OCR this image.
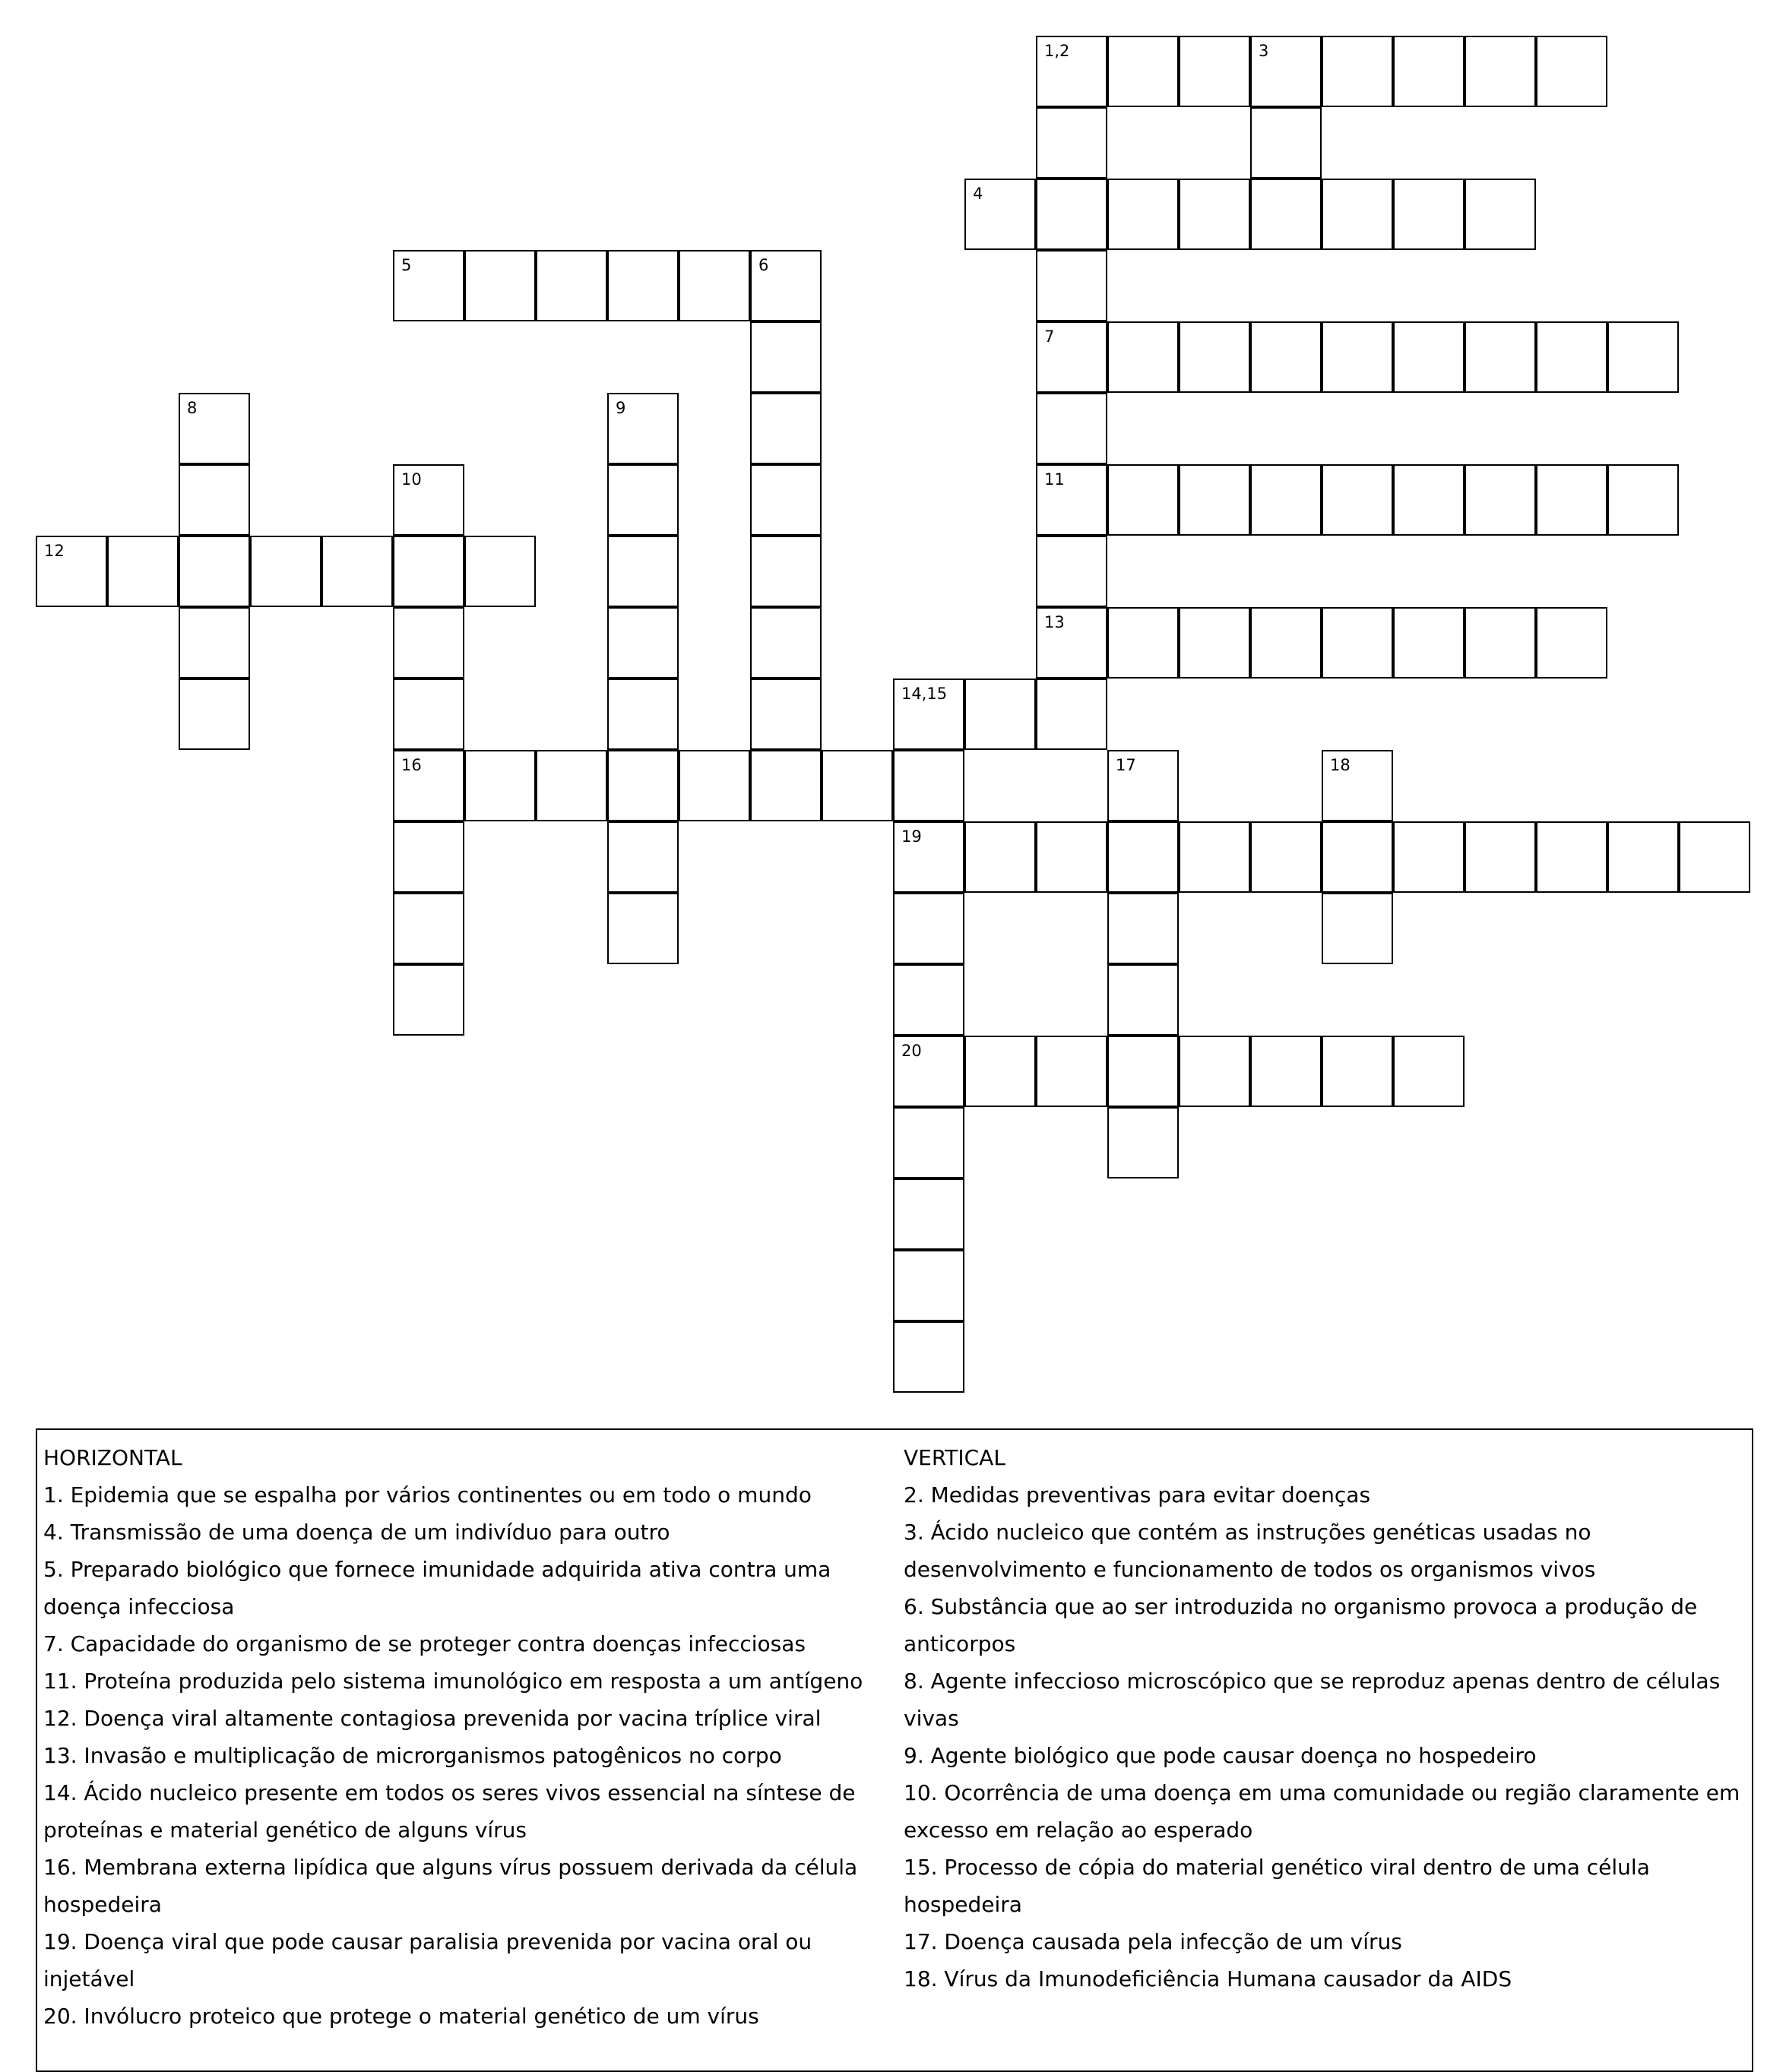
1,2	3
4
5	6
7
8	9
10	11
12
13
14,15
16	17	18
19
20

HORIZONTAL

1. Epidemia que se espalha por vários continentes ou em todo o mundo

4. Transmissão de uma doença de um indivíduo para outro

5. Preparado biológico que fornece imunidade adquirida ativa contra uma doença infecciosa

7. Capacidade do organismo de se proteger contra doenças infecciosas

11. Proteína produzida pelo sistema imunológico em resposta a um antígeno

12. Doença viral altamente contagiosa prevenida por vacina tríplice viral

13. Invasão e multiplicação de microrganismos patogênicos no corpo

14. Ácido nucleico presente em todos os seres vivos essencial na síntese de proteínas e material genético de alguns vírus

16. Membrana externa lipídica que alguns vírus possuem derivada da célula hospedeira

19. Doença viral que pode causar paralisia prevenida por vacina oral ou injetável

20. Invólucro proteico que protege o material genético de um vírus

VERTICAL

2. Medidas preventivas para evitar doenças

3. Ácido nucleico que contém as instruções genéticas usadas no desenvolvimento e funcionamento de todos os organismos vivos

6. Substância que ao ser introduzida no organismo provoca a produção de anticorpos

8. Agente infeccioso microscópico que se reproduz apenas dentro de células vivas

9. Agente biológico que pode causar doença no hospedeiro

10. Ocorrência de uma doença em uma comunidade ou região claramente em excesso em relação ao esperado

15. Processo de cópia do material genético viral dentro de uma célula hospedeira

17. Doença causada pela infecção de um vírus

18. Vírus da Imunodeficiência Humana causador da AIDS
